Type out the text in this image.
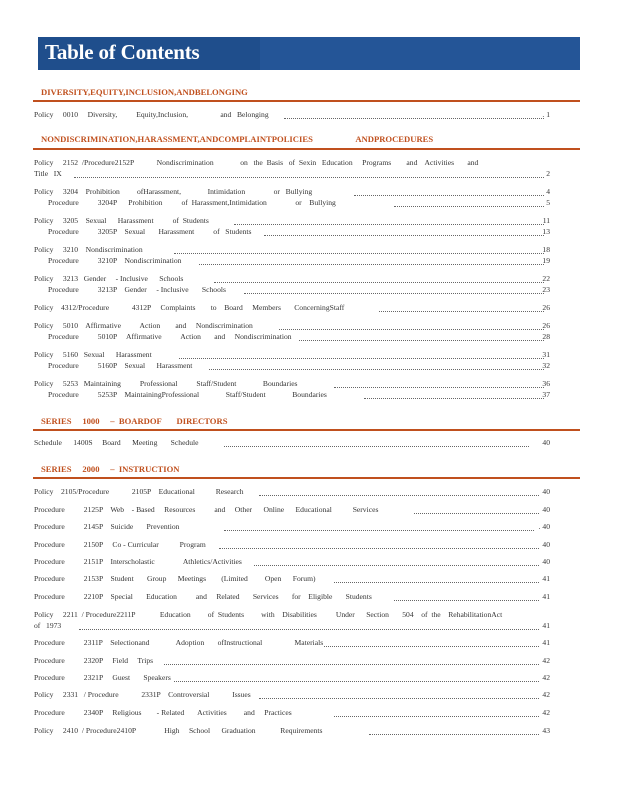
Table of Contents
DIVERSITY,EQUITY,INCLUSION,ANDBELONGING
Policy     0010     Diversity,          Equity,Inclusion,                 and   Belonging	. 1
NONDISCRIMINATION,HARASSMENT,ANDCOMPLAINTPOLICIES                    ANDPROCEDURES
Policy     2152  /Procedure2152P            Nondiscrimination              on   the  Basis   of  Sexin   Education     Programs        and    Activities       and
Title   IX	2
Policy     3204    Prohibition         ofHarassment,              Intimidation               or   Bullying	4
Procedure          3204P      Prohibition          of  Harassment,Intimidation               or    Bullying	5
Policy     3205    Sexual      Harassment          of  Students	11
Procedure          3205P    Sexual       Harassment          of   Students	13
Policy     3210    Nondiscrimination	18
Procedure          3210P    Nondiscrimination	19
Policy     3213   Gender     - Inclusive      Schools	22
Procedure          3213P    Gender     - Inclusive       Schools	23
Policy    4312/Procedure            4312P     Complaints        to    Board     Members       ConcerningStaff	26
Policy     5010    Affirmative          Action        and     Nondiscrimination	26
Procedure          5010P     Affirmative          Action       and     Nondiscrimination	28
Policy     5160   Sexual      Harassment	31
Procedure          5160P    Sexual      Harassment	32
Policy     5253   Maintaining          Professional          Staff/Student              Boundaries	36
Procedure          5253P    MaintainingProfessional              Staff/Student              Boundaries	37
SERIES     1000     –  BOARDOF       DIRECTORS
Schedule      1400S     Board      Meeting       Schedule	40
SERIES     2000     –  INSTRUCTION
Policy    2105/Procedure            2105P    Educational           Research	40
Procedure          2125P    Web    - Based     Resources          and     Other      Online      Educational           Services	40
Procedure          2145P    Suicide       Prevention	. 40
Procedure          2150P     Co - Curricular           Program	40
Procedure          2151P    Interscholastic               Athletics/Activities	40
Procedure          2153P    Student       Group      Meetings        (Limited         Open      Forum)	41
Procedure          2210P    Special       Education          and     Related       Services       for    Eligible       Students	41
Policy     2211  / Procedure2211P             Education         of  Students         with    Disabilities          Under      Section       504    of  the    RehabilitationAct
of   1973	41
Procedure          2311P    Selectionand              Adoption       ofInstructional                 Materials	41
Procedure          2320P     Field     Trips	42
Procedure          2321P     Guest       Speakers	42
Policy     2331   / Procedure            2331P    Controversial            Issues	42
Procedure          2340P     Religious        - Related       Activities         and     Practices	42
Policy     2410  / Procedure2410P               High     School      Graduation             Requirements	43
